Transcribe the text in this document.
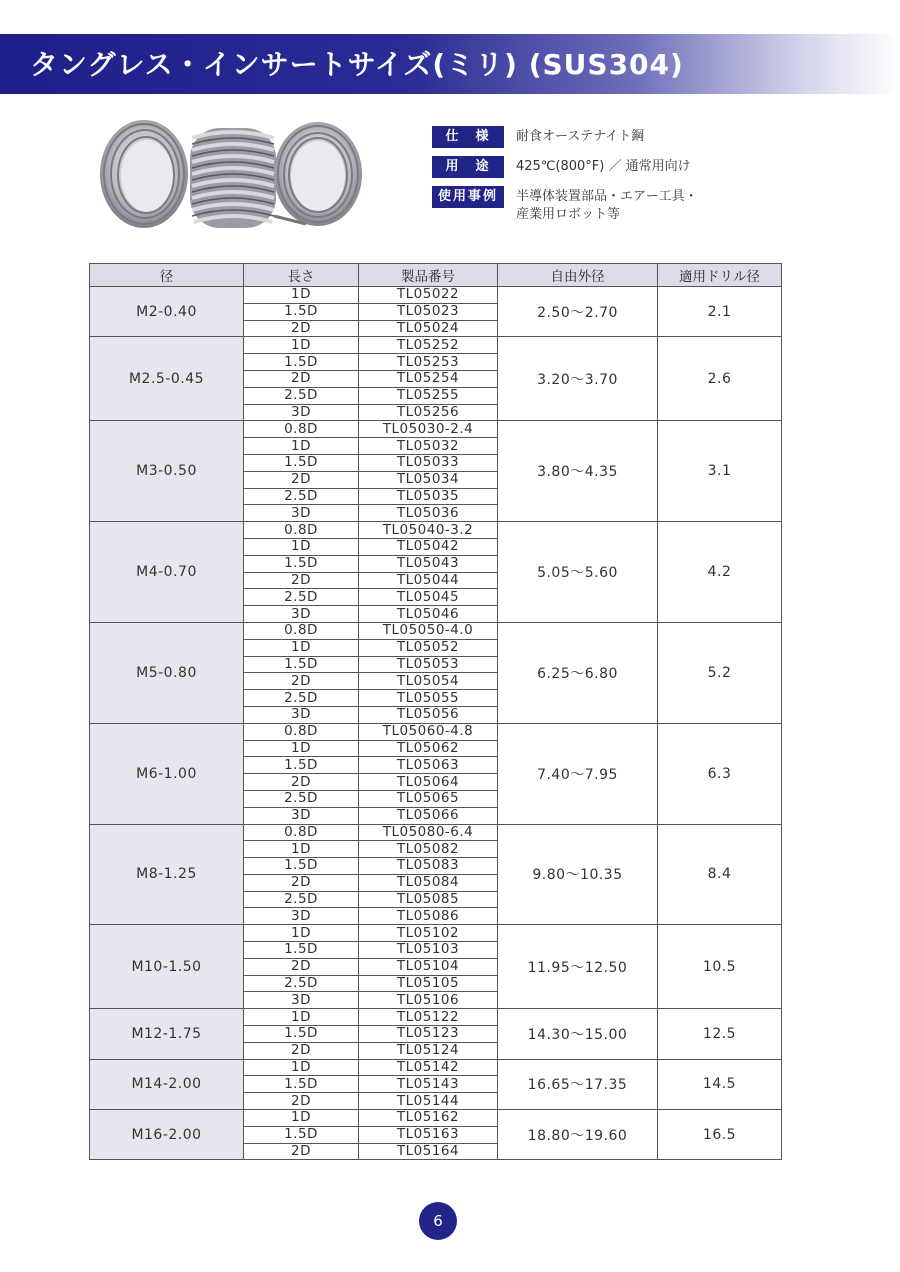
タングレス・インサートサイズ(ミリ) (SUS304)
仕　様	耐食オーステナイト鋼
用　途	425℃(800°F) ／ 通常用向け
使用事例	半導体装置部品・エアー工具・
産業用ロボット等
径	長さ	製品番号	自由外径	適用ドリル径
M2-0.40	1D	TL05022	2.50～2.70	2.1
	1.5D	TL05023		
	2D	TL05024		
M2.5-0.45	1D	TL05252	3.20～3.70	2.6
	1.5D	TL05253		
	2D	TL05254		
	2.5D	TL05255		
	3D	TL05256		
M3-0.50	0.8D	TL05030-2.4	3.80～4.35	3.1
	1D	TL05032		
	1.5D	TL05033		
	2D	TL05034		
	2.5D	TL05035		
	3D	TL05036		
M4-0.70	0.8D	TL05040-3.2	5.05～5.60	4.2
	1D	TL05042		
	1.5D	TL05043		
	2D	TL05044		
	2.5D	TL05045		
	3D	TL05046		
M5-0.80	0.8D	TL05050-4.0	6.25～6.80	5.2
	1D	TL05052		
	1.5D	TL05053		
	2D	TL05054		
	2.5D	TL05055		
	3D	TL05056		
M6-1.00	0.8D	TL05060-4.8	7.40～7.95	6.3
	1D	TL05062		
	1.5D	TL05063		
	2D	TL05064		
	2.5D	TL05065		
	3D	TL05066		
M8-1.25	0.8D	TL05080-6.4	9.80～10.35	8.4
	1D	TL05082		
	1.5D	TL05083		
	2D	TL05084		
	2.5D	TL05085		
	3D	TL05086		
M10-1.50	1D	TL05102	11.95～12.50	10.5
	1.5D	TL05103		
	2D	TL05104		
	2.5D	TL05105		
	3D	TL05106		
M12-1.75	1D	TL05122	14.30～15.00	12.5
	1.5D	TL05123		
	2D	TL05124		
M14-2.00	1D	TL05142	16.65～17.35	14.5
	1.5D	TL05143		
	2D	TL05144		
M16-2.00	1D	TL05162	18.80～19.60	16.5
	1.5D	TL05163		
	2D	TL05164		
6
